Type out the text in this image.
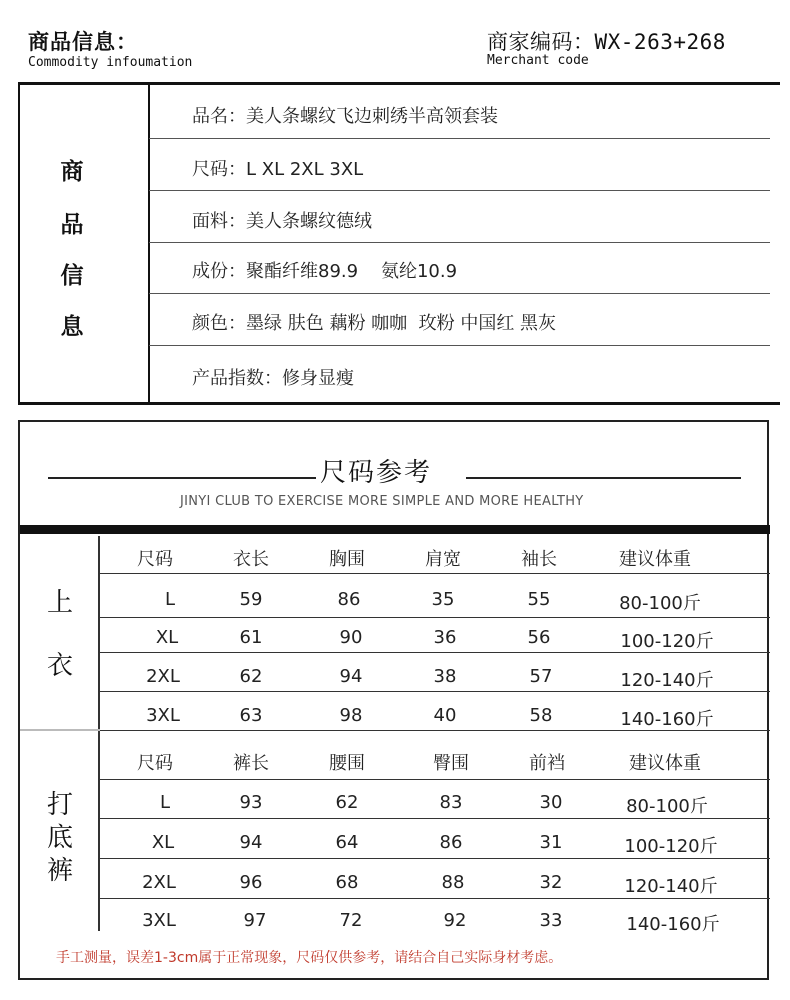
商品信息：
Commodity infoumation
商家编码：WX-263+268
Merchant code
商
品
信
息
品名：美人条螺纹飞边刺绣半高领套装
尺码：L XL 2XL 3XL
面料：美人条螺纹德绒
成份：聚酯纤维89.9    氨纶10.9
颜色：墨绿 肤色 藕粉 咖咖  玫粉 中国红 黑灰
产品指数：修身显瘦
尺码参考
JINYI CLUB TO EXERCISE MORE SIMPLE AND MORE HEALTHY
上
衣
打
底
裤
尺码	衣长	胸围	肩宽	袖长	建议体重
L	59	86	35	55	80-100斤
XL	61	90	36	56	100-120斤
2XL	62	94	38	57	120-140斤
3XL	63	98	40	58	140-160斤
尺码	裤长	腰围	臀围	前裆	建议体重
L	93	62	83	30	80-100斤
XL	94	64	86	31	100-120斤
2XL	96	68	88	32	120-140斤
3XL	97	72	92	33	140-160斤
手工测量，误差1-3cm属于正常现象，尺码仅供参考，请结合自己实际身材考虑。
